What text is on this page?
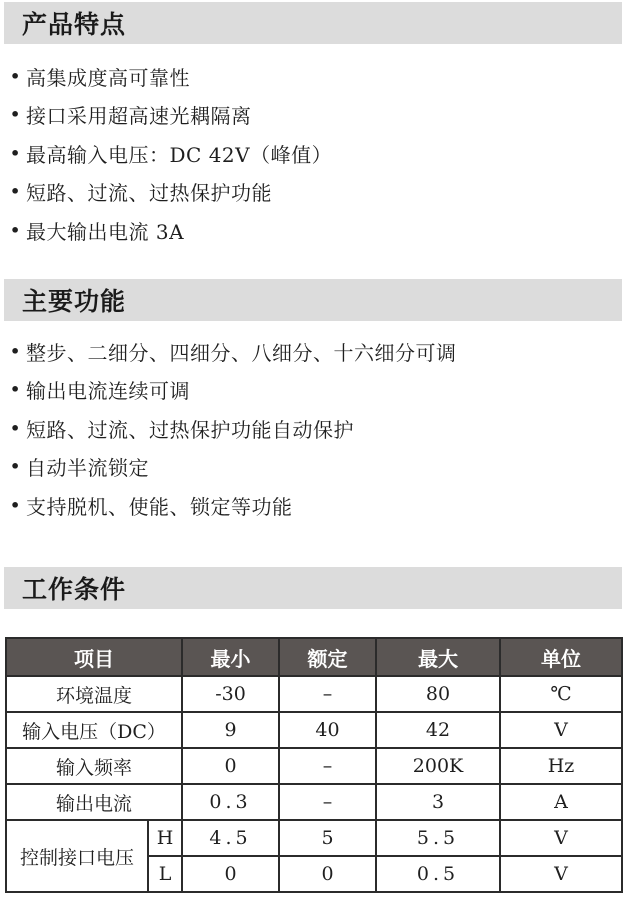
产品特点
• 高集成度高可靠性
• 接口采用超高速光耦隔离
• 最高输入电压：DC 42V（峰值）
• 短路、过流、过热保护功能
• 最大输出电流 3A
主要功能
• 整步、二细分、四细分、八细分、十六细分可调
• 输出电流连续可调
• 短路、过流、过热保护功能自动保护
• 自动半流锁定
• 支持脱机、使能、锁定等功能
工作条件
项目		最小	额定	最大	单位
环境温度		-30	–	80	℃
输入电压（DC）		9	40	42	V
输入频率		0	–	200K	Hz
输出电流		0.3	–	3	A
控制接口电压	H	4.5	5	5.5	V
	L	0	0	0.5	V
